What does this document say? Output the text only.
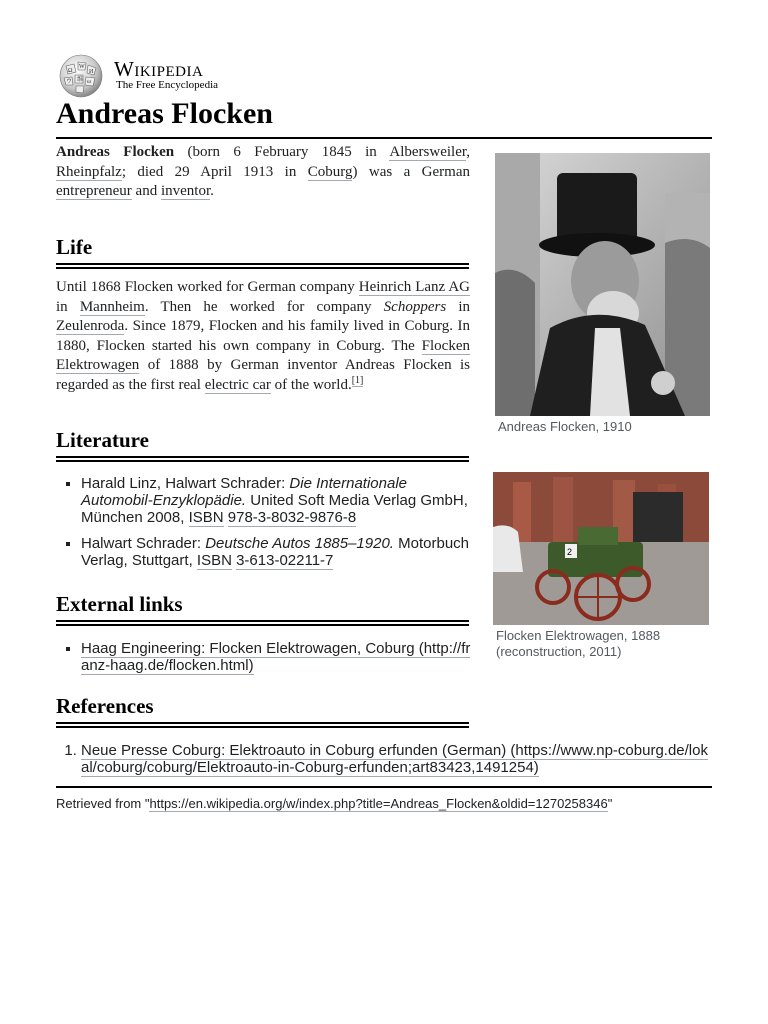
Ω
W
И
维
ウ ω
Wikipedia
The Free Encyclopedia
Andreas Flocken

Andreas Flocken (born 6 February 1845 in Albersweiler, Rheinpfalz; died 29 April 1913 in Coburg) was a German entrepreneur and inventor.

Life

Until 1868 Flocken worked for German company Heinrich Lanz AG in Mannheim. Then he worked for company Schoppers in Zeulenroda. Since 1879, Flocken and his family lived in Coburg. In 1880, Flocken started his own company in Coburg. The Flocken Elektrowagen of 1888 by German inventor Andreas Flocken is regarded as the first real electric car of the world.[1]

Literature
▪ Harald Linz, Halwart Schrader: Die Internationale Automobil-Enzyklopädie. United Soft Media Verlag GmbH, München 2008, ISBN 978-3-8032-9876-8
▪ Halwart Schrader: Deutsche Autos 1885–1920. Motorbuch Verlag, Stuttgart, ISBN 3-613-02211-7
External links
▪ Haag Engineering: Flocken Elektrowagen, Coburg (http://franz-haag.de/flocken.html)
References
1. Neue Presse Coburg: Elektroauto in Coburg erfunden (German) (https://www.np-coburg.de/lokal/coburg/coburg/Elektroauto-in-Coburg-erfunden;art83423,1491254)
Andreas Flocken, 1910
2
Flocken Elektrowagen, 1888 (reconstruction, 2011)
Retrieved from "https://en.wikipedia.org/w/index.php?title=Andreas_Flocken&oldid=1270258346"
